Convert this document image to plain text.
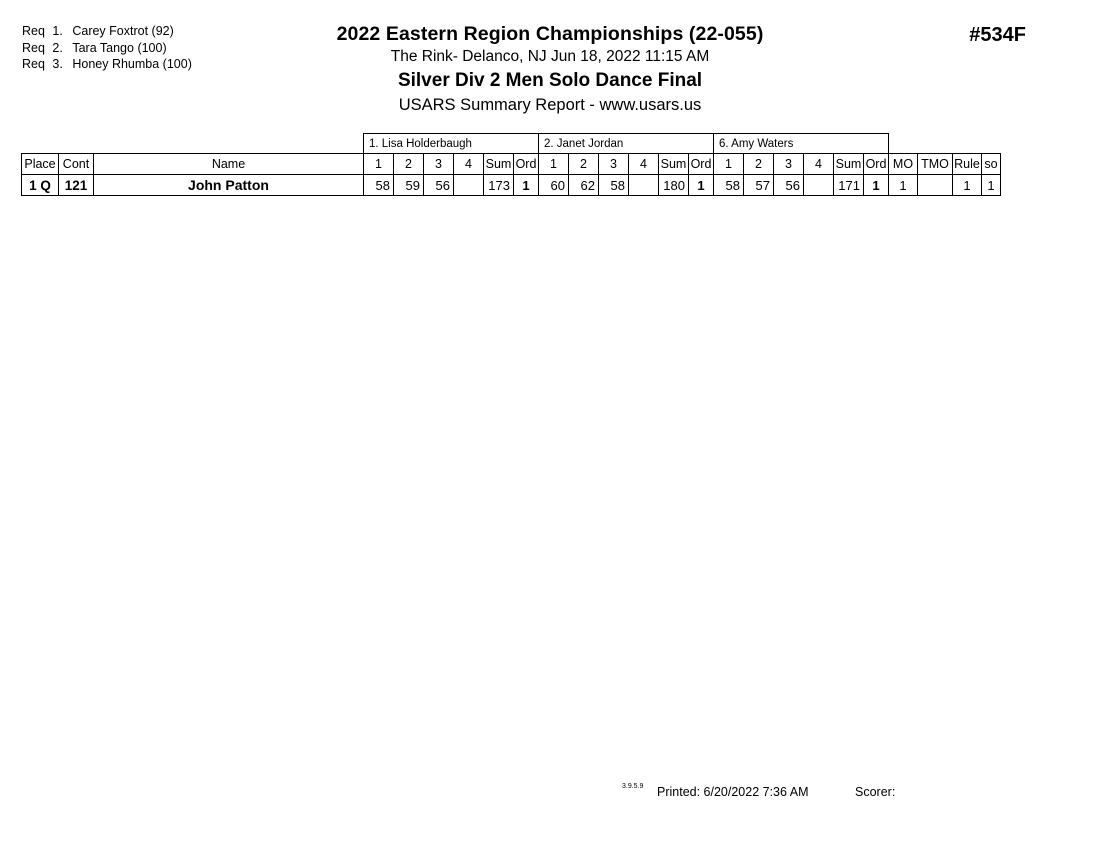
Req 1. Carey Foxtrot (92)
Req 2. Tara Tango (100)
Req 3. Honey Rhumba (100)
2022 Eastern Region Championships (22-055)
The Rink- Delanco, NJ Jun 18, 2022 11:15 AM
Silver Div 2 Men Solo Dance Final
USARS Summary Report - www.usars.us
#534F
			1. Lisa Holderbaugh						2. Janet Jordan						6. Amy Waters									
Place	Cont	Name	1	2	3	4	Sum	Ord	1	2	3	4	Sum	Ord	1	2	3	4	Sum	Ord	MO	TMO	Rule	so
1 Q	121	John Patton	58	59	56		173	1	60	62	58		180	1	58	57	56		171	1	1		1	1
3.9.5.9 Printed: 6/20/2022 7:36 AM	Scorer:
